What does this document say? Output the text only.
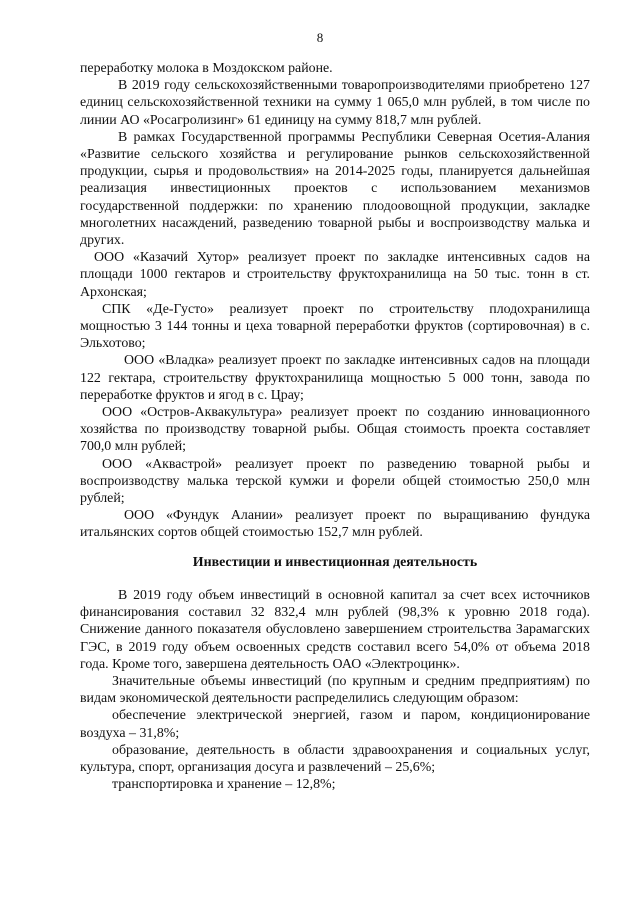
8

переработку молока в Моздокском районе.

В 2019 году сельскохозяйственными товаропроизводителями приобретено 127 единиц сельскохозяйственной техники на сумму 1 065,0 млн рублей, в том числе по линии АО «Росагролизинг» 61 единицу на сумму 818,7 млн рублей.

В рамках Государственной программы Республики Северная Осетия-Алания «Развитие сельского хозяйства и регулирование рынков сельскохозяйственной продукции, сырья и продовольствия» на 2014-2025 годы, планируется дальнейшая реализация инвестиционных проектов с использованием механизмов государственной поддержки: по хранению плодоовощной продукции, закладке многолетних насаждений, разведению товарной рыбы и воспроизводству малька и других.

ООО «Казачий Хутор» реализует проект по закладке интенсивных садов на площади 1000 гектаров и строительству фруктохранилища на 50 тыс. тонн в ст. Архонская;

СПК «Де-Густо» реализует проект по строительству плодохранилища мощностью 3 144 тонны и цеха товарной переработки фруктов (сортировочная) в с. Эльхотово;

ООО «Владка» реализует проект по закладке интенсивных садов на площади 122 гектара, строительству фруктохранилища мощностью 5 000 тонн, завода по переработке фруктов и ягод в с. Црау;

ООО «Остров-Аквакультура» реализует проект по созданию инновационного хозяйства по производству товарной рыбы. Общая стоимость проекта составляет 700,0 млн рублей;

ООО «Аквастрой» реализует проект по разведению товарной рыбы и воспроизводству малька терской кумжи и форели общей стоимостью 250,0 млн рублей;

ООО «Фундук Алании» реализует проект по выращиванию фундука итальянских сортов общей стоимостью 152,7 млн рублей.

Инвестиции и инвестиционная деятельность

В 2019 году объем инвестиций в основной капитал за счет всех источников финансирования составил 32 832,4 млн рублей (98,3% к уровню 2018 года). Снижение данного показателя обусловлено завершением строительства Зарамагских ГЭС, в 2019 году объем освоенных средств составил всего 54,0% от объема 2018 года. Кроме того, завершена деятельность ОАО «Электроцинк».

Значительные объемы инвестиций (по крупным и средним предприятиям) по видам экономической деятельности распределились следующим образом:

обеспечение электрической энергией, газом и паром, кондиционирование воздуха – 31,8%;

образование, деятельность в области здравоохранения и социальных услуг, культура, спорт, организация досуга и развлечений – 25,6%;

транспортировка и хранение – 12,8%;
